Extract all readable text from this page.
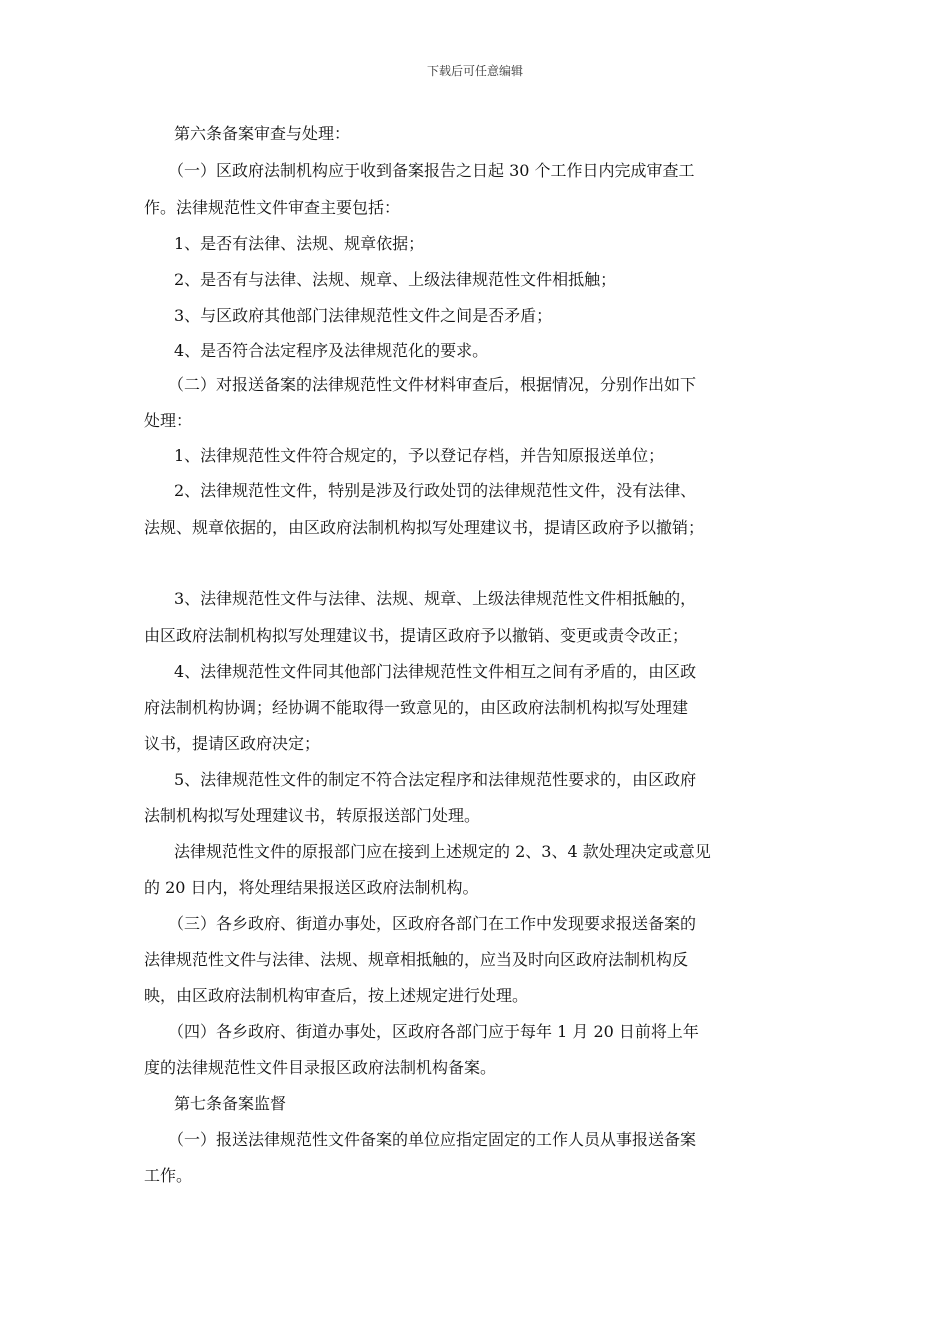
下载后可任意编辑
第六条备案审查与处理：
（一）区政府法制机构应于收到备案报告之日起 30 个工作日内完成审查工
作。法律规范性文件审查主要包括：
1、是否有法律、法规、规章依据；
2、是否有与法律、法规、规章、上级法律规范性文件相抵触；
3、与区政府其他部门法律规范性文件之间是否矛盾；
4、是否符合法定程序及法律规范化的要求。
（二）对报送备案的法律规范性文件材料审查后，根据情况，分别作出如下
处理：
1、法律规范性文件符合规定的，予以登记存档，并告知原报送单位；
2、法律规范性文件，特别是涉及行政处罚的法律规范性文件，没有法律、
法规、规章依据的，由区政府法制机构拟写处理建议书，提请区政府予以撤销；
3、法律规范性文件与法律、法规、规章、上级法律规范性文件相抵触的，
由区政府法制机构拟写处理建议书，提请区政府予以撤销、变更或责令改正；
4、法律规范性文件同其他部门法律规范性文件相互之间有矛盾的，由区政
府法制机构协调；经协调不能取得一致意见的，由区政府法制机构拟写处理建
议书，提请区政府决定；
5、法律规范性文件的制定不符合法定程序和法律规范性要求的，由区政府
法制机构拟写处理建议书，转原报送部门处理。
法律规范性文件的原报部门应在接到上述规定的 2、3、4 款处理决定或意见
的 20 日内，将处理结果报送区政府法制机构。
（三）各乡政府、街道办事处，区政府各部门在工作中发现要求报送备案的
法律规范性文件与法律、法规、规章相抵触的，应当及时向区政府法制机构反
映，由区政府法制机构审查后，按上述规定进行处理。
（四）各乡政府、街道办事处，区政府各部门应于每年 1 月 20 日前将上年
度的法律规范性文件目录报区政府法制机构备案。
第七条备案监督
（一）报送法律规范性文件备案的单位应指定固定的工作人员从事报送备案
工作。
